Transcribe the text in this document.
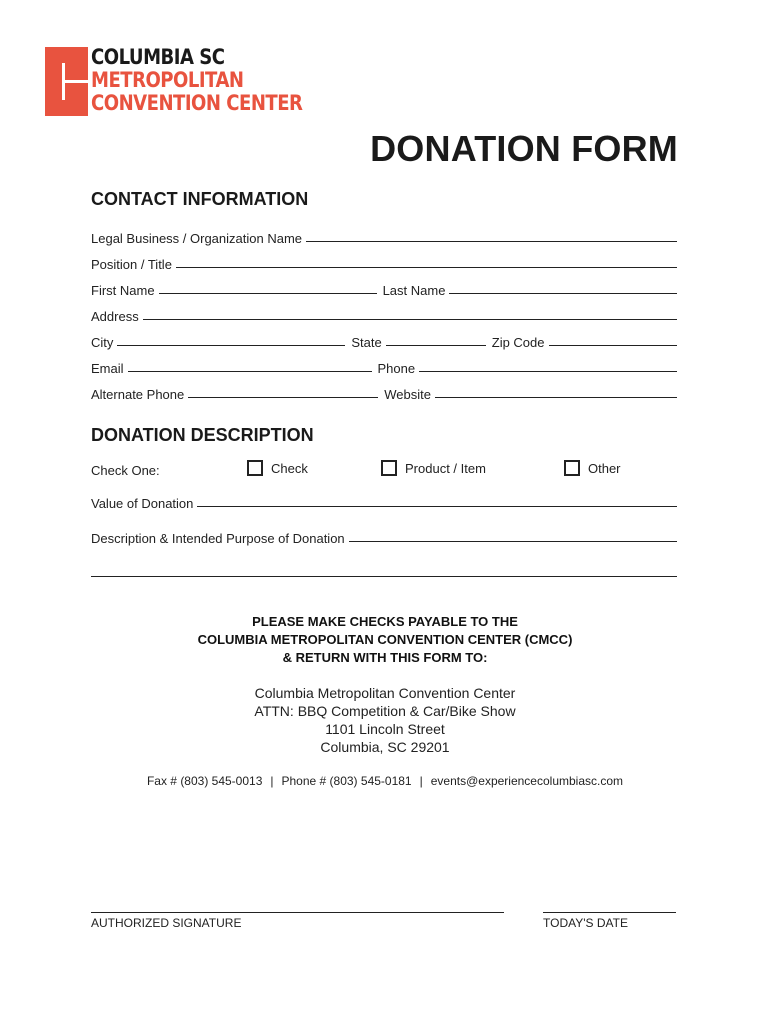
COLUMBIA SC
METROPOLITAN
CONVENTION CENTER
DONATION FORM
CONTACT INFORMATION
Legal Business / Organization Name
Position / Title
First Name	Last Name
Address
City	State	Zip Code
Email	Phone
Alternate Phone	Website
DONATION DESCRIPTION
Check One:	Check	Product / Item	Other
Value of Donation
Description & Intended Purpose of Donation
PLEASE MAKE CHECKS PAYABLE TO THE
COLUMBIA METROPOLITAN CONVENTION CENTER (CMCC)
& RETURN WITH THIS FORM TO:
Columbia Metropolitan Convention Center
ATTN: BBQ Competition & Car/Bike Show
1101 Lincoln Street
Columbia, SC 29201
Fax # (803) 545-0013 | Phone # (803) 545-0181 | events@experiencecolumbiasc.com
AUTHORIZED SIGNATURE	TODAY'S DATE
